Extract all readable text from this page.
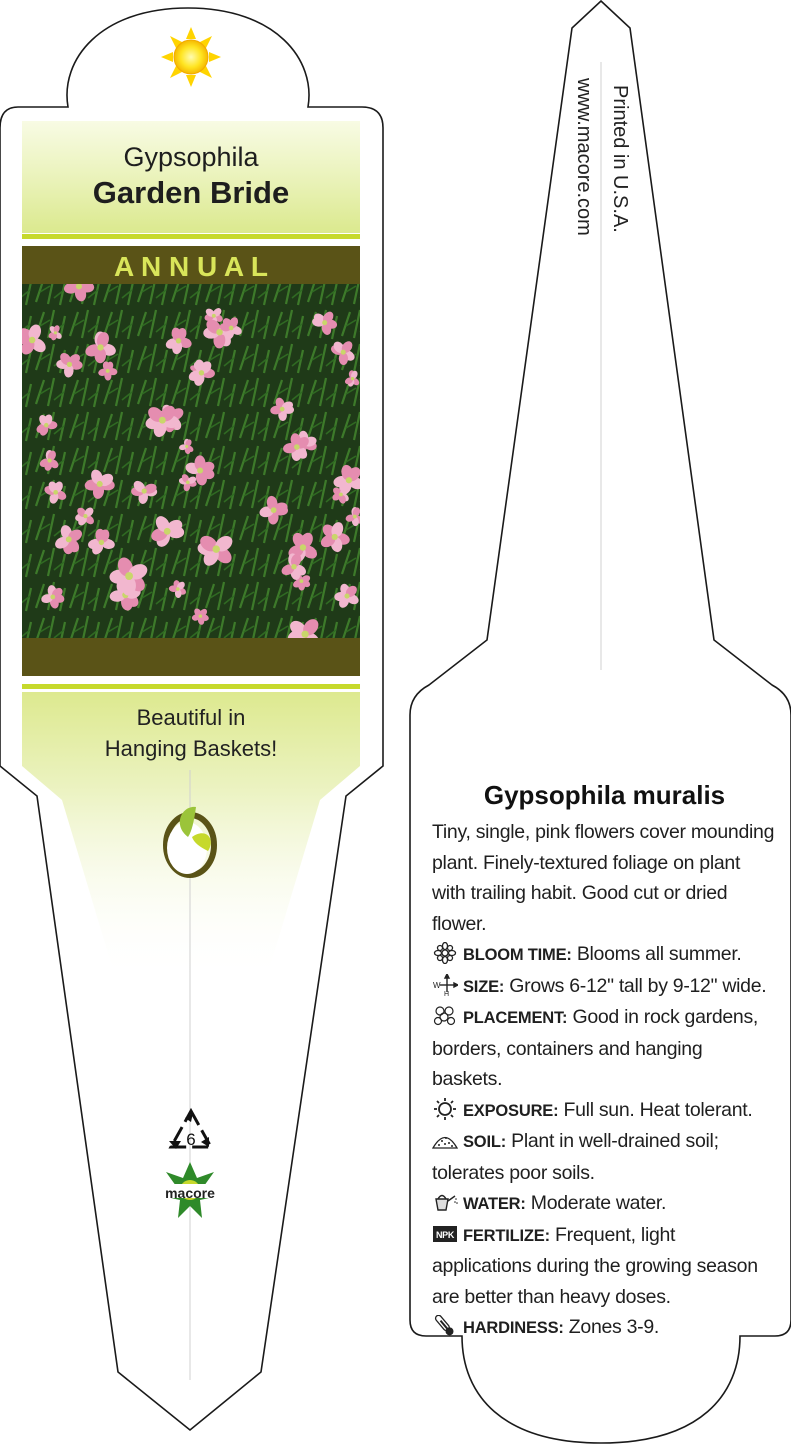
Gypsophila
Garden Bride
A N N U A L
Beautiful in
Hanging Baskets!
6
macore
Printed in U.S.A.
www.macore.com
Gypsophila muralis

Tiny, single, pink flowers cover mounding plant. Finely-textured foliage on plant with trailing habit. Good cut or dried flower.

BLOOM TIME: Blooms all summer.

W
H SIZE: Grows 6-12" tall by 9-12" wide.

PLACEMENT: Good in rock gardens, borders, containers and hanging baskets.

EXPOSURE: Full sun. Heat tolerant.

SOIL: Plant in well-drained soil; tolerates poor soils.

WATER: Moderate water.

NPK FERTILIZE: Frequent, light applications during the growing season are better than heavy doses.

HARDINESS: Zones 3-9.
